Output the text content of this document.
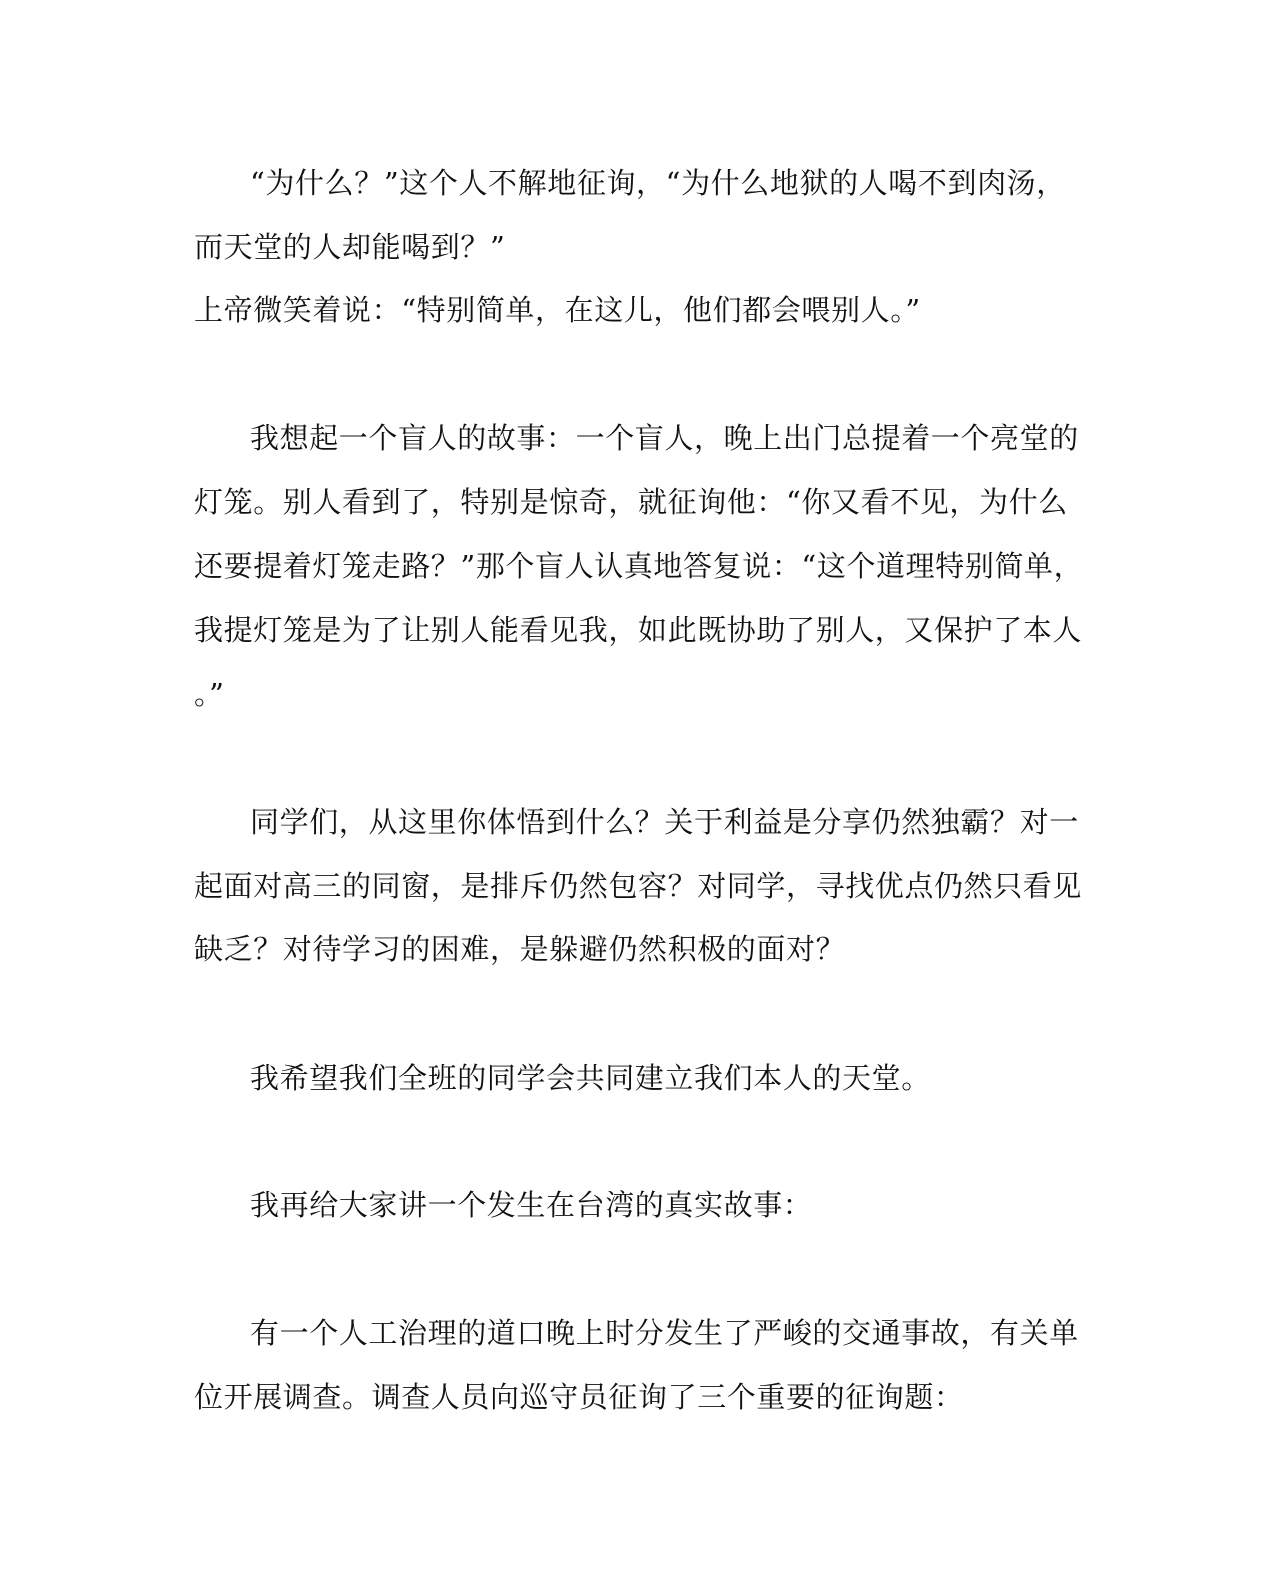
“为什么？”这个人不解地征询，“为什么地狱的人喝不到肉汤，
而天堂的人却能喝到？”
上帝微笑着说：“特别简单，在这儿，他们都会喂别人。”
我想起一个盲人的故事：一个盲人，晚上出门总提着一个亮堂的
灯笼。别人看到了，特别是惊奇，就征询他：“你又看不见，为什么
还要提着灯笼走路？”那个盲人认真地答复说：“这个道理特别简单，
我提灯笼是为了让别人能看见我，如此既协助了别人，又保护了本人
。”
同学们，从这里你体悟到什么？关于利益是分享仍然独霸？对一
起面对高三的同窗，是排斥仍然包容？对同学，寻找优点仍然只看见
缺乏？对待学习的困难，是躲避仍然积极的面对？
我希望我们全班的同学会共同建立我们本人的天堂。
我再给大家讲一个发生在台湾的真实故事：
有一个人工治理的道口晚上时分发生了严峻的交通事故，有关单
位开展调查。调查人员向巡守员征询了三个重要的征询题：
